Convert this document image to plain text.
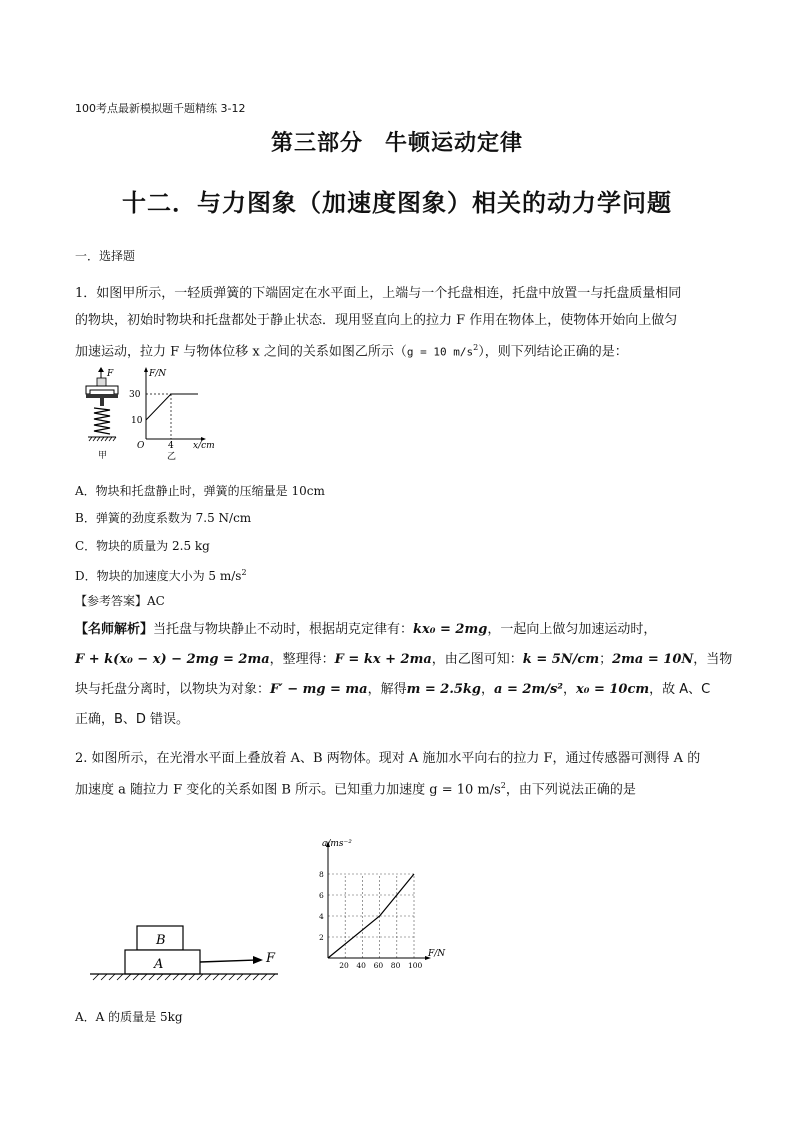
100考点最新模拟题千题精练 3-12
第三部分 牛顿运动定律
十二．与力图象（加速度图象）相关的动力学问题
一．选择题
1．如图甲所示，一轻质弹簧的下端固定在水平面上，上端与一个托盘相连，托盘中放置一与托盘质量相同
的物块，初始时物块和托盘都处于静止状态．现用竖直向上的拉力 F 作用在物体上，使物体开始向上做匀
加速运动，拉力 F 与物体位移 x 之间的关系如图乙所示（g = 10 $m/s^2$），则下列结论正确的是：
F
甲
F/N
30
10
O	4 x/cm
乙
A．物块和托盘静止时，弹簧的压缩量是 10cm
B．弹簧的劲度系数为 7.5 N/cm
C．物块的质量为 2.5 kg
D．物块的加速度大小为 5 $m/s^2$
【参考答案】AC
【名师解析】当托盘与物块静止不动时，根据胡克定律有：kx₀ = 2mg，一起向上做匀加速运动时，
F + k(x₀ − x) − 2mg = 2ma，整理得：F = kx + 2ma，由乙图可知：k = 5N/cm；2ma = 10N，当物
块与托盘分离时，以物块为对象：F′ − mg = ma，解得m = 2.5kg，a = 2m/s²，x₀ = 10cm，故 A、C
正确，B、D 错误。
2. 如图所示，在光滑水平面上叠放着 A、B 两物体。现对 A 施加水平向右的拉力 F，通过传感器可测得 A 的
加速度 a 随拉力 F 变化的关系如图 B 所示。已知重力加速度 g = 10 $m/s^2$，由下列说法正确的是
B
A	F	20 40 60 80 100
2
4
6
8
a/ms⁻²
F/N
A．A 的质量是 5kg
